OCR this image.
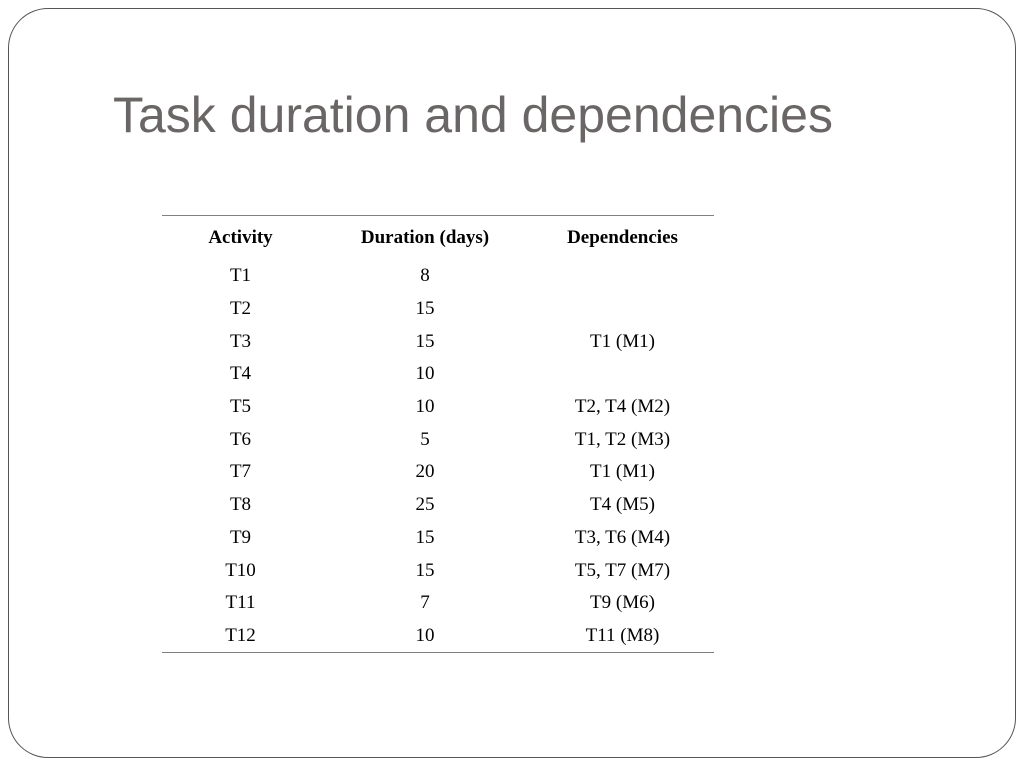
Task duration and dependencies
Activity	Duration (days)	Dependencies
T1	8	
T2	15	
T3	15	T1 (M1)
T4	10	
T5	10	T2, T4 (M2)
T6	5	T1, T2 (M3)
T7	20	T1 (M1)
T8	25	T4 (M5)
T9	15	T3, T6 (M4)
T10	15	T5, T7 (M7)
T11	7	T9 (M6)
T12	10	T11 (M8)
